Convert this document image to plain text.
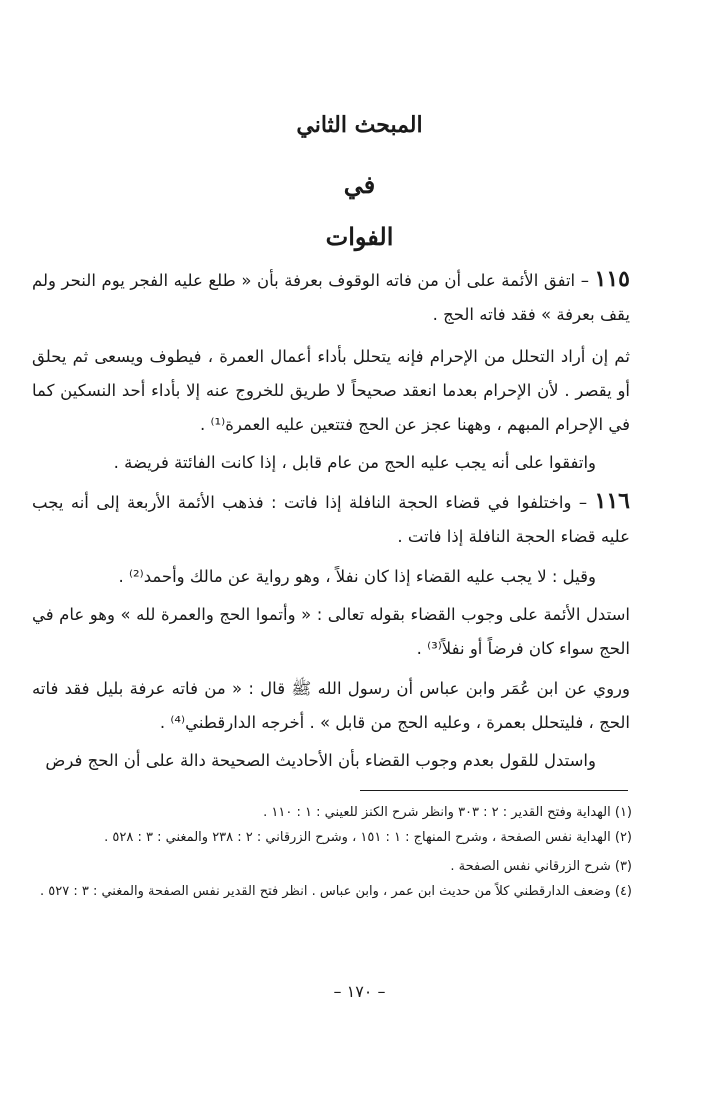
المبحث الثاني
في
الفوات

١١٥ – اتفق الأئمة على أن من فاته الوقوف بعرفة بأن « طلع عليه الفجر يوم النحر ولم يقف بعرفة » فقد فاته الحج .

ثم إن أراد التحلل من الإحرام فإنه يتحلل بأداء أعمال العمرة ، فيطوف ويسعى ثم يحلق أو يقصر . لأن الإحرام بعدما انعقد صحيحاً لا طريق للخروج عنه إلا بأداء أحد النسكين كما في الإحرام المبهم ، وههنا عجز عن الحج فتتعين عليه العمرة⁽¹⁾ .

واتفقوا على أنه يجب عليه الحج من عام قابل ، إذا كانت الفائتة فريضة .

١١٦ – واختلفوا في قضاء الحجة النافلة إذا فاتت : فذهب الأئمة الأربعة إلى أنه يجب عليه قضاء الحجة النافلة إذا فاتت .

وقيل : لا يجب عليه القضاء إذا كان نفلاً ، وهو رواية عن مالك وأحمد⁽²⁾ .

استدل الأئمة على وجوب القضاء بقوله تعالى : « وأتموا الحج والعمرة لله » وهو عام في الحج سواء كان فرضاً أو نفلاً⁽³⁾ .

وروي عن ابن عُمَر وابن عباس أن رسول الله ﷺ قال : « من فاته عرفة بليل فقد فاته الحج ، فليتحلل بعمرة ، وعليه الحج من قابل » . أخرجه الدارقطني⁽⁴⁾ .

واستدل للقول بعدم وجوب القضاء بأن الأحاديث الصحيحة دالة على أن الحج فرض

(١) الهداية وفتح القدير : ٢ : ٣٠٣ وانظر شرح الكنز للعيني : ١ : ١١٠ .

(٢) الهداية نفس الصفحة ، وشرح المنهاج : ١ : ١٥١ ، وشرح الزرقاني : ٢ : ٢٣٨ والمغني : ٣ : ٥٢٨ .

(٣) شرح الزرقاني نفس الصفحة .

(٤) وضعف الدارقطني كلاً من حديث ابن عمر ، وابن عباس . انظر فتح القدير نفس الصفحة والمغني : ٣ : ٥٢٧ .

– ١٧٠ –
